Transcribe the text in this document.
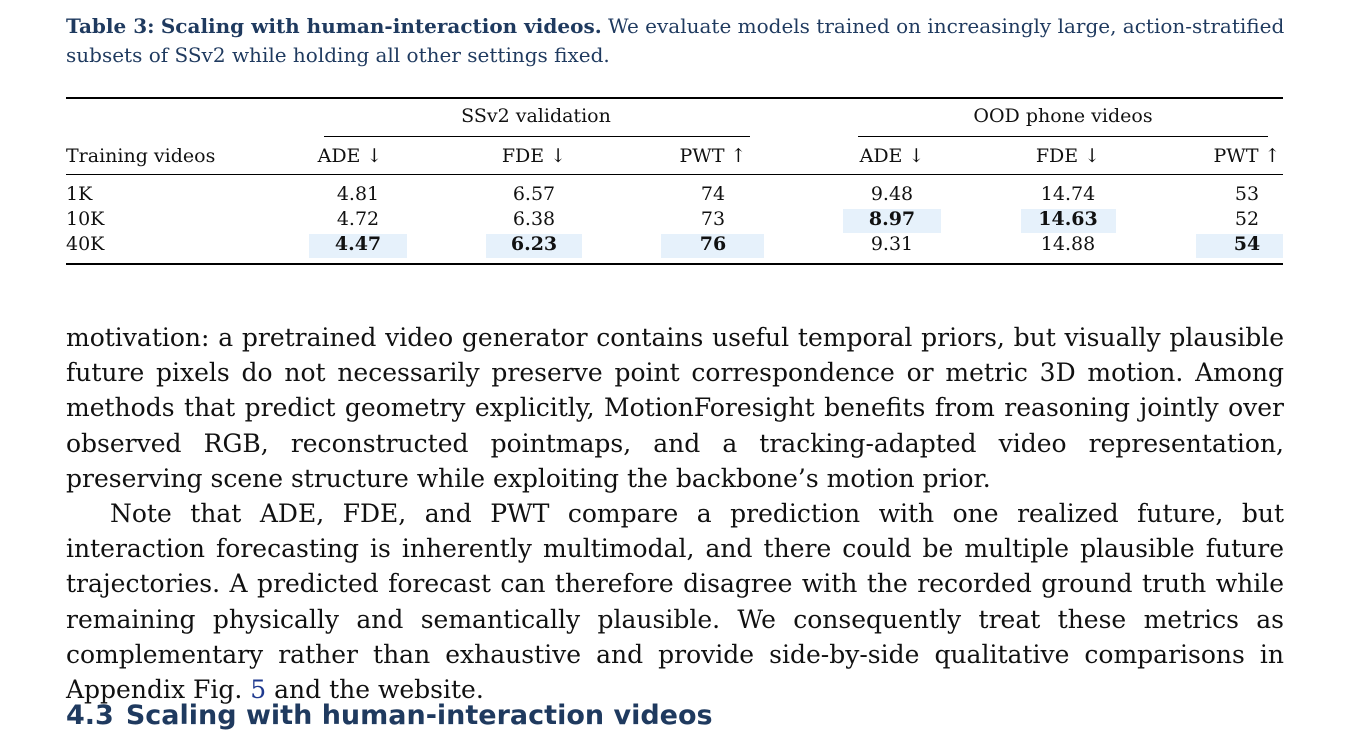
Table 3: Scaling with human-interaction videos. We evaluate models trained on increasingly large, action-stratified subsets of SSv2 while holding all other settings fixed.
SSv2 validation	OOD phone videos
Training videos	ADE ↓	FDE ↓	PWT ↑	ADE ↓	FDE ↓	PWT ↑
1K	4.81	6.57	74	9.48	14.74	53
10K	4.72	6.38	73	8.97	14.63	52
40K	4.47	6.23	76	9.31	14.88	54

motivation: a pretrained video generator contains useful temporal priors, but visually plausible future pixels do not necessarily preserve point correspondence or metric 3D motion. Among methods that predict geometry explicitly, MotionForesight benefits from reasoning jointly over observed RGB, reconstructed pointmaps, and a tracking-adapted video representation, preserving scene structure while exploiting the backbone’s motion prior.

Note that ADE, FDE, and PWT compare a prediction with one realized future, but interaction forecasting is inherently multimodal, and there could be multiple plausible future trajectories. A predicted forecast can therefore disagree with the recorded ground truth while remaining physically and semantically plausible. We consequently treat these metrics as complementary rather than exhaustive and provide side-by-side qualitative comparisons in Appendix Fig. 5 and the website.

4.3 Scaling with human-interaction videos
